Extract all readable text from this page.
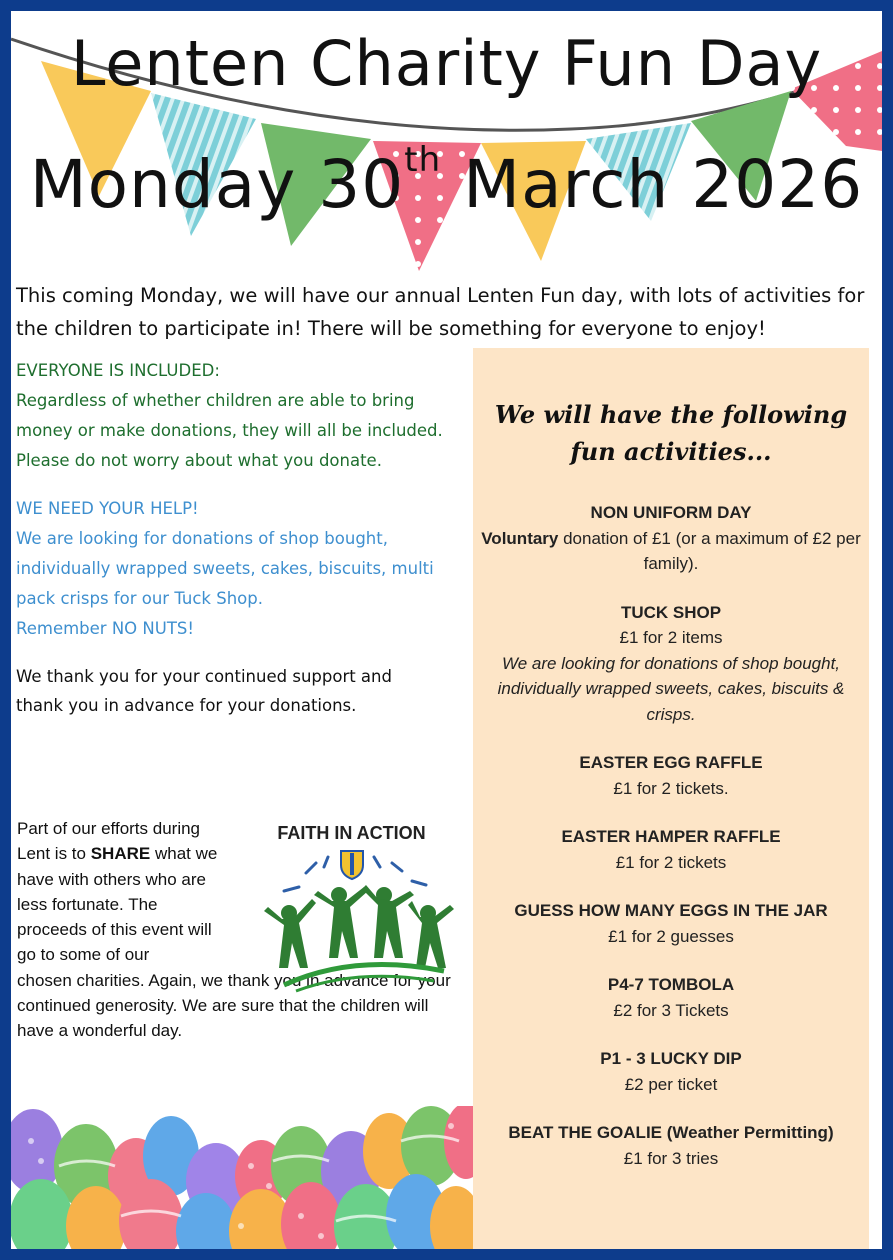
Lenten Charity Fun Day
Monday 30th March 2026
This coming Monday, we will have our annual Lenten Fun day, with lots of activities for the children to participate in! There will be something for everyone to enjoy!
EVERYONE IS INCLUDED:
Regardless of whether children are able to bring money or make donations, they will all be included. Please do not worry about what you donate.
WE NEED YOUR HELP!
We are looking for donations of shop bought, individually wrapped sweets, cakes, biscuits, multi pack crisps for our Tuck Shop.
Remember NO NUTS!
We thank you for your continued support and thank you in advance for your donations.
Part of our efforts during Lent is to SHARE what we have with others who are less fortunate. The proceeds of this event will go to some of our
chosen charities. Again, we thank you in advance for your continued generosity. We are sure that the children will have a wonderful day.
FAITH IN ACTION
We will have the following fun activities...
NON UNIFORM DAY
Voluntary donation of £1 (or a maximum of £2 per family).
TUCK SHOP
£1 for 2 items
We are looking for donations of shop bought, individually wrapped sweets, cakes, biscuits & crisps.
EASTER EGG RAFFLE
£1 for 2 tickets.
EASTER HAMPER RAFFLE
£1 for 2 tickets
GUESS HOW MANY EGGS IN THE JAR
£1 for 2 guesses
P4-7 TOMBOLA
£2 for 3 Tickets
P1 - 3 LUCKY DIP
£2 per ticket
BEAT THE GOALIE (Weather Permitting)
£1 for 3 tries
